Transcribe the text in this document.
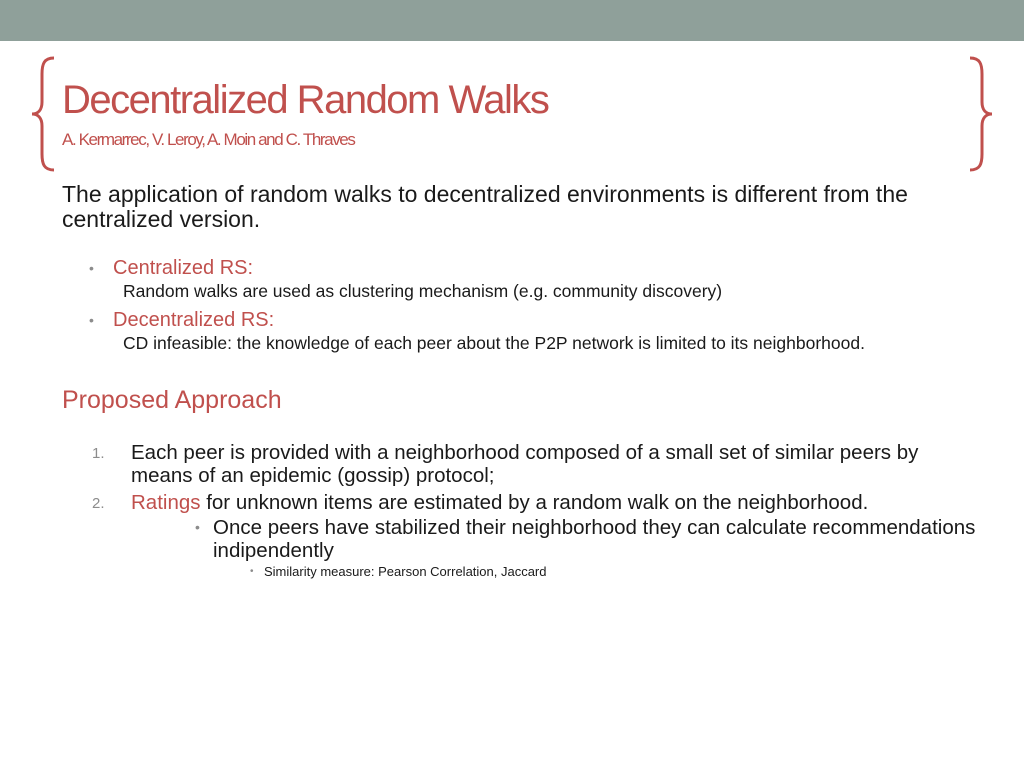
Decentralized Random Walks
A. Kermarrec, V. Leroy, A. Moin and C. Thraves

The application of random walks to decentralized environments is different from the centralized version.

• Centralized RS:
Random walks are used as clustering mechanism (e.g. community discovery)
• Decentralized RS:
CD infeasible: the knowledge of each peer about the P2P network is limited to its neighborhood.
Proposed Approach
1. Each peer is provided with a neighborhood composed of a small set of similar peers by means of an epidemic (gossip) protocol;
2. Ratings for unknown items are estimated by a random walk on the neighborhood.
• Once peers have stabilized their neighborhood they can calculate recommendations indipendently
• Similarity measure: Pearson Correlation, Jaccard
